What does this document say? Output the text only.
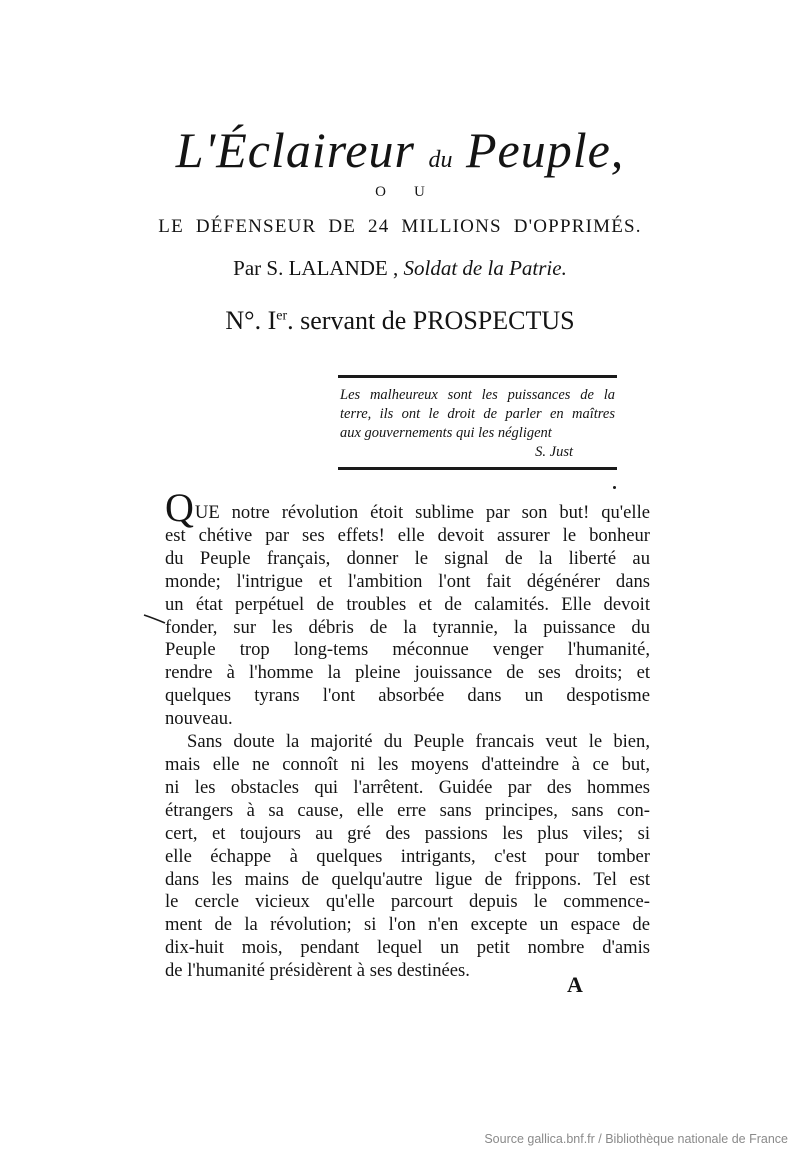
L'Éclaireur du Peuple,
OU
LE DÉFENSEUR DE 24 MILLIONS D'OPPRIMÉS.
Par S. LALANDE , Soldat de la Patrie.
N°. Ier. servant de PROSPECTUS
Les malheureux sont les puissances de la
terre, ils ont le droit de parler en maîtres
aux gouvernements qui les négligent
S. Just
QUE notre révolution étoit sublime par son but! qu'elle
est chétive par ses effets! elle devoit assurer le bonheur
du Peuple français, donner le signal de la liberté au
monde; l'intrigue et l'ambition l'ont fait dégénérer dans
un état perpétuel de troubles et de calamités. Elle devoit
fonder, sur les débris de la tyrannie, la puissance du
Peuple trop long-tems méconnue venger l'humanité,
rendre à l'homme la pleine jouissance de ses droits; et
quelques tyrans l'ont absorbée dans un despotisme
nouveau.
Sans doute la majorité du Peuple francais veut le bien,
mais elle ne connoît ni les moyens d'atteindre à ce but,
ni les obstacles qui l'arrêtent. Guidée par des hommes
étrangers à sa cause, elle erre sans principes, sans con-
cert, et toujours au gré des passions les plus viles; si
elle échappe à quelques intrigants, c'est pour tomber
dans les mains de quelqu'autre ligue de frippons. Tel est
le cercle vicieux qu'elle parcourt depuis le commence-
ment de la révolution; si l'on n'en excepte un espace de
dix-huit mois, pendant lequel un petit nombre d'amis
de l'humanité présidèrent à ses destinées.
A
Source gallica.bnf.fr / Bibliothèque nationale de France
